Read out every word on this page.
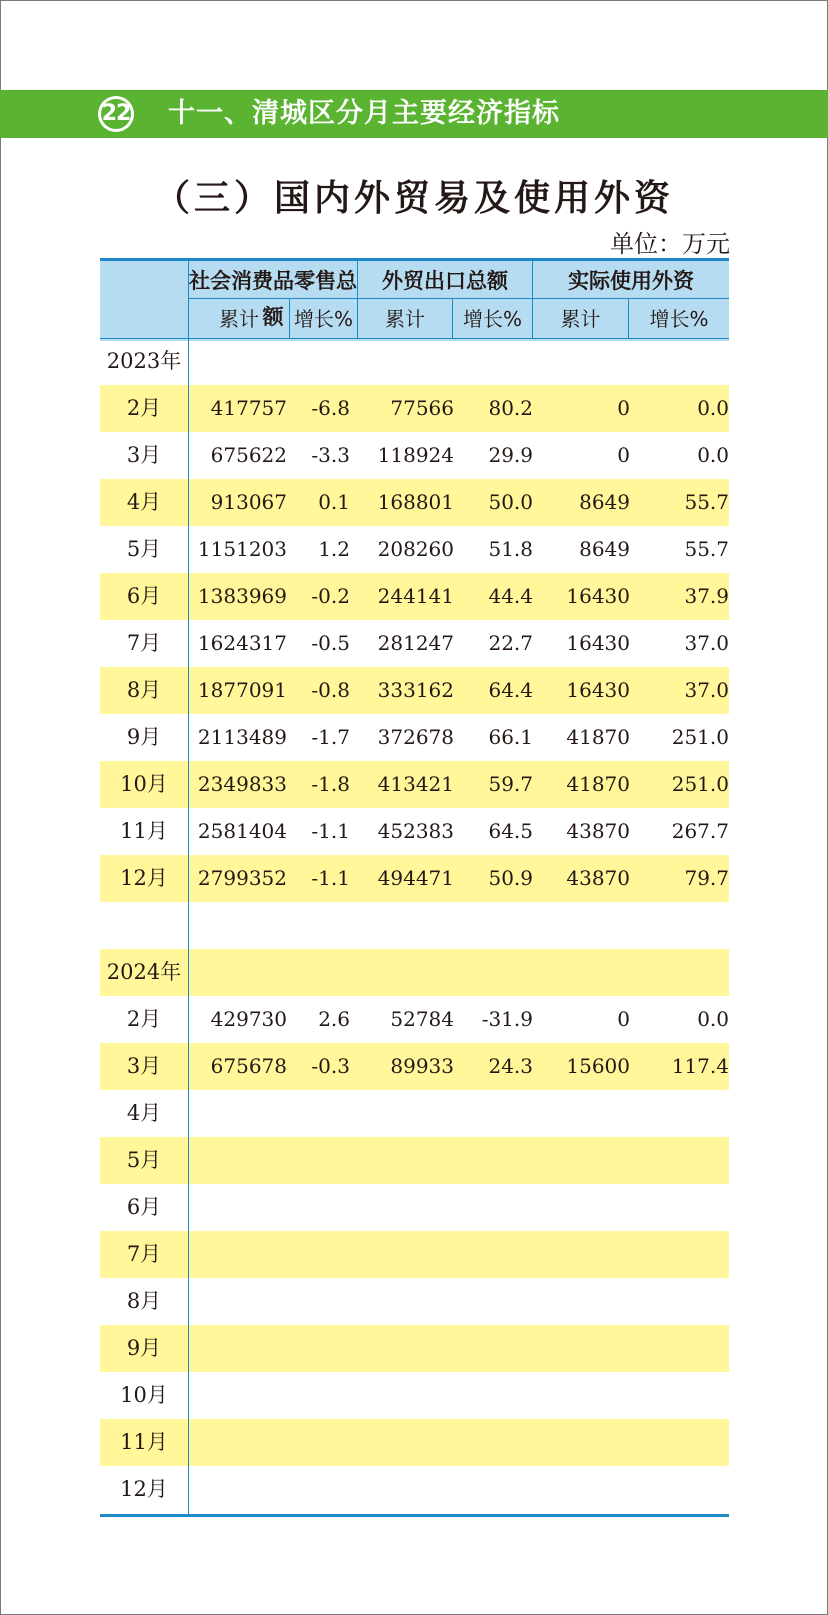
22 十一、清城区分月主要经济指标
（三）国内外贸易及使用外资
单位：万元
社会消费品零售总额
外贸出口总额	实际使用外资
累计	增长%	累计	增长%	累计	增长%
2023年
2月	417757	-6.8	77566	80.2	0	0.0
3月	675622	-3.3	118924	29.9	0	0.0
4月	913067	0.1	168801	50.0	8649	55.7
5月	1151203	1.2	208260	51.8	8649	55.7
6月	1383969	-0.2	244141	44.4	16430	37.9
7月	1624317	-0.5	281247	22.7	16430	37.0
8月	1877091	-0.8	333162	64.4	16430	37.0
9月	2113489	-1.7	372678	66.1	41870	251.0
10月	2349833	-1.8	413421	59.7	41870	251.0
11月	2581404	-1.1	452383	64.5	43870	267.7
12月	2799352	-1.1	494471	50.9	43870	79.7
2024年
2月	429730	2.6	52784	-31.9	0	0.0
3月	675678	-0.3	89933	24.3	15600	117.4
4月
5月
6月
7月
8月
9月
10月
11月
12月
